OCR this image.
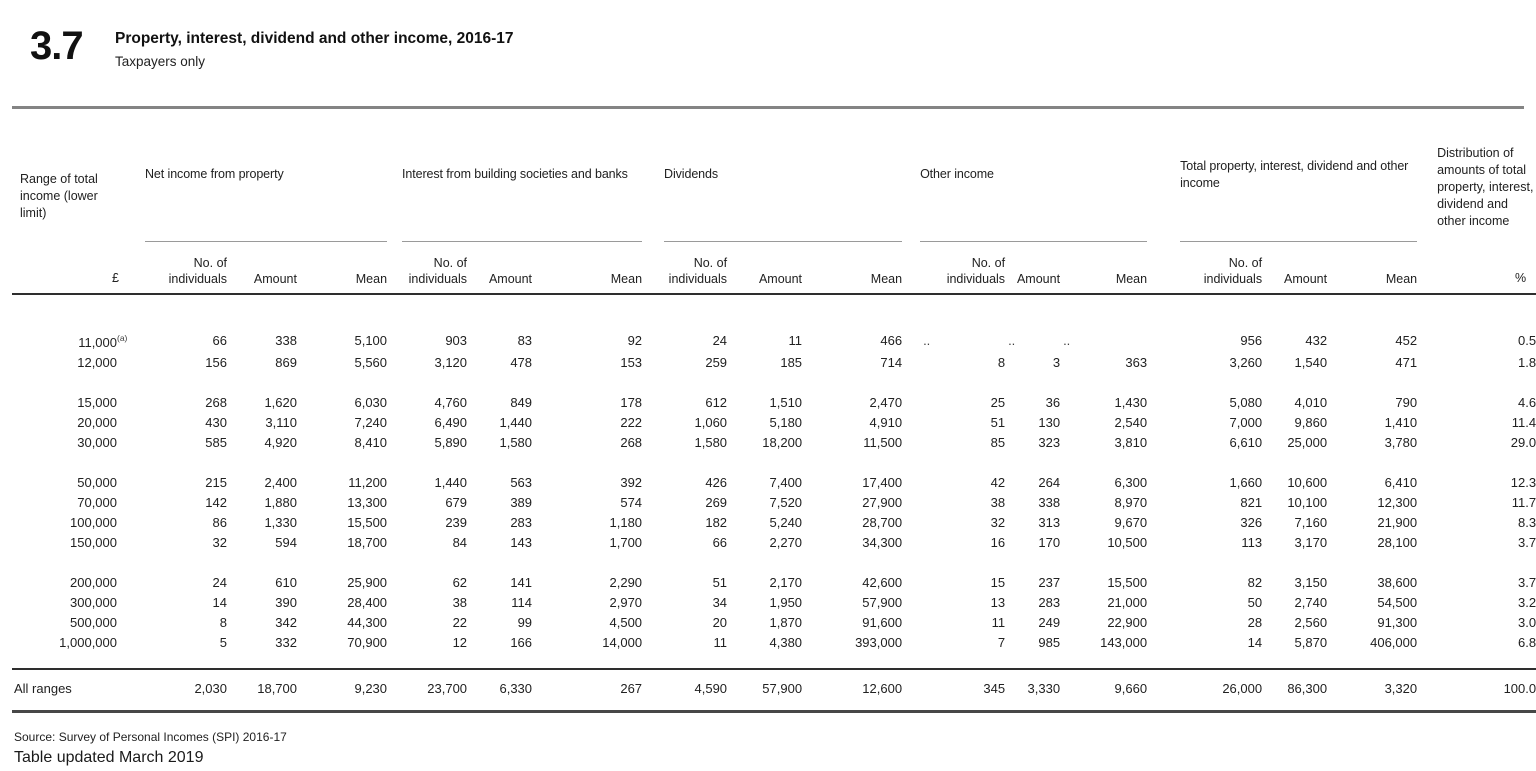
3.7	Property, interest, dividend and other income, 2016-17
Taxpayers only
Range of total income (lower limit)
£
		Net income from property		Interest from building societies and banks		Dividends		Other income		Total property, interest, dividend and other income		
Distribution of amounts of total property, interest, dividend and other income
%

		No. of individuals	Amount	Mean		No. of individuals	Amount	Mean		No. of individuals	Amount	Mean		No. of individuals	Amount	Mean		No. of individuals	Amount	Mean		

11,000$^{(a)}$		66	338	5,100		903	83	92		24	11	466		..	..	..		956	432	452		0.5
12,000		156	869	5,560		3,120	478	153		259	185	714		8	3	363		3,260	1,540	471		1.8

15,000		268	1,620	6,030		4,760	849	178		612	1,510	2,470		25	36	1,430		5,080	4,010	790		4.6
20,000		430	3,110	7,240		6,490	1,440	222		1,060	5,180	4,910		51	130	2,540		7,000	9,860	1,410		11.4
30,000		585	4,920	8,410		5,890	1,580	268		1,580	18,200	11,500		85	323	3,810		6,610	25,000	3,780		29.0

50,000		215	2,400	11,200		1,440	563	392		426	7,400	17,400		42	264	6,300		1,660	10,600	6,410		12.3
70,000		142	1,880	13,300		679	389	574		269	7,520	27,900		38	338	8,970		821	10,100	12,300		11.7
100,000		86	1,330	15,500		239	283	1,180		182	5,240	28,700		32	313	9,670		326	7,160	21,900		8.3
150,000		32	594	18,700		84	143	1,700		66	2,270	34,300		16	170	10,500		113	3,170	28,100		3.7

200,000		24	610	25,900		62	141	2,290		51	2,170	42,600		15	237	15,500		82	3,150	38,600		3.7
300,000		14	390	28,400		38	114	2,970		34	1,950	57,900		13	283	21,000		50	2,740	54,500		3.2
500,000		8	342	44,300		22	99	4,500		20	1,870	91,600		11	249	22,900		28	2,560	91,300		3.0
1,000,000		5	332	70,900		12	166	14,000		11	4,380	393,000		7	985	143,000		14	5,870	406,000		6.8

All ranges		2,030	18,700	9,230		23,700	6,330	267		4,590	57,900	12,600		345	3,330	9,660		26,000	86,300	3,320		100.0
Source: Survey of Personal Incomes (SPI) 2016-17
Table updated March 2019
